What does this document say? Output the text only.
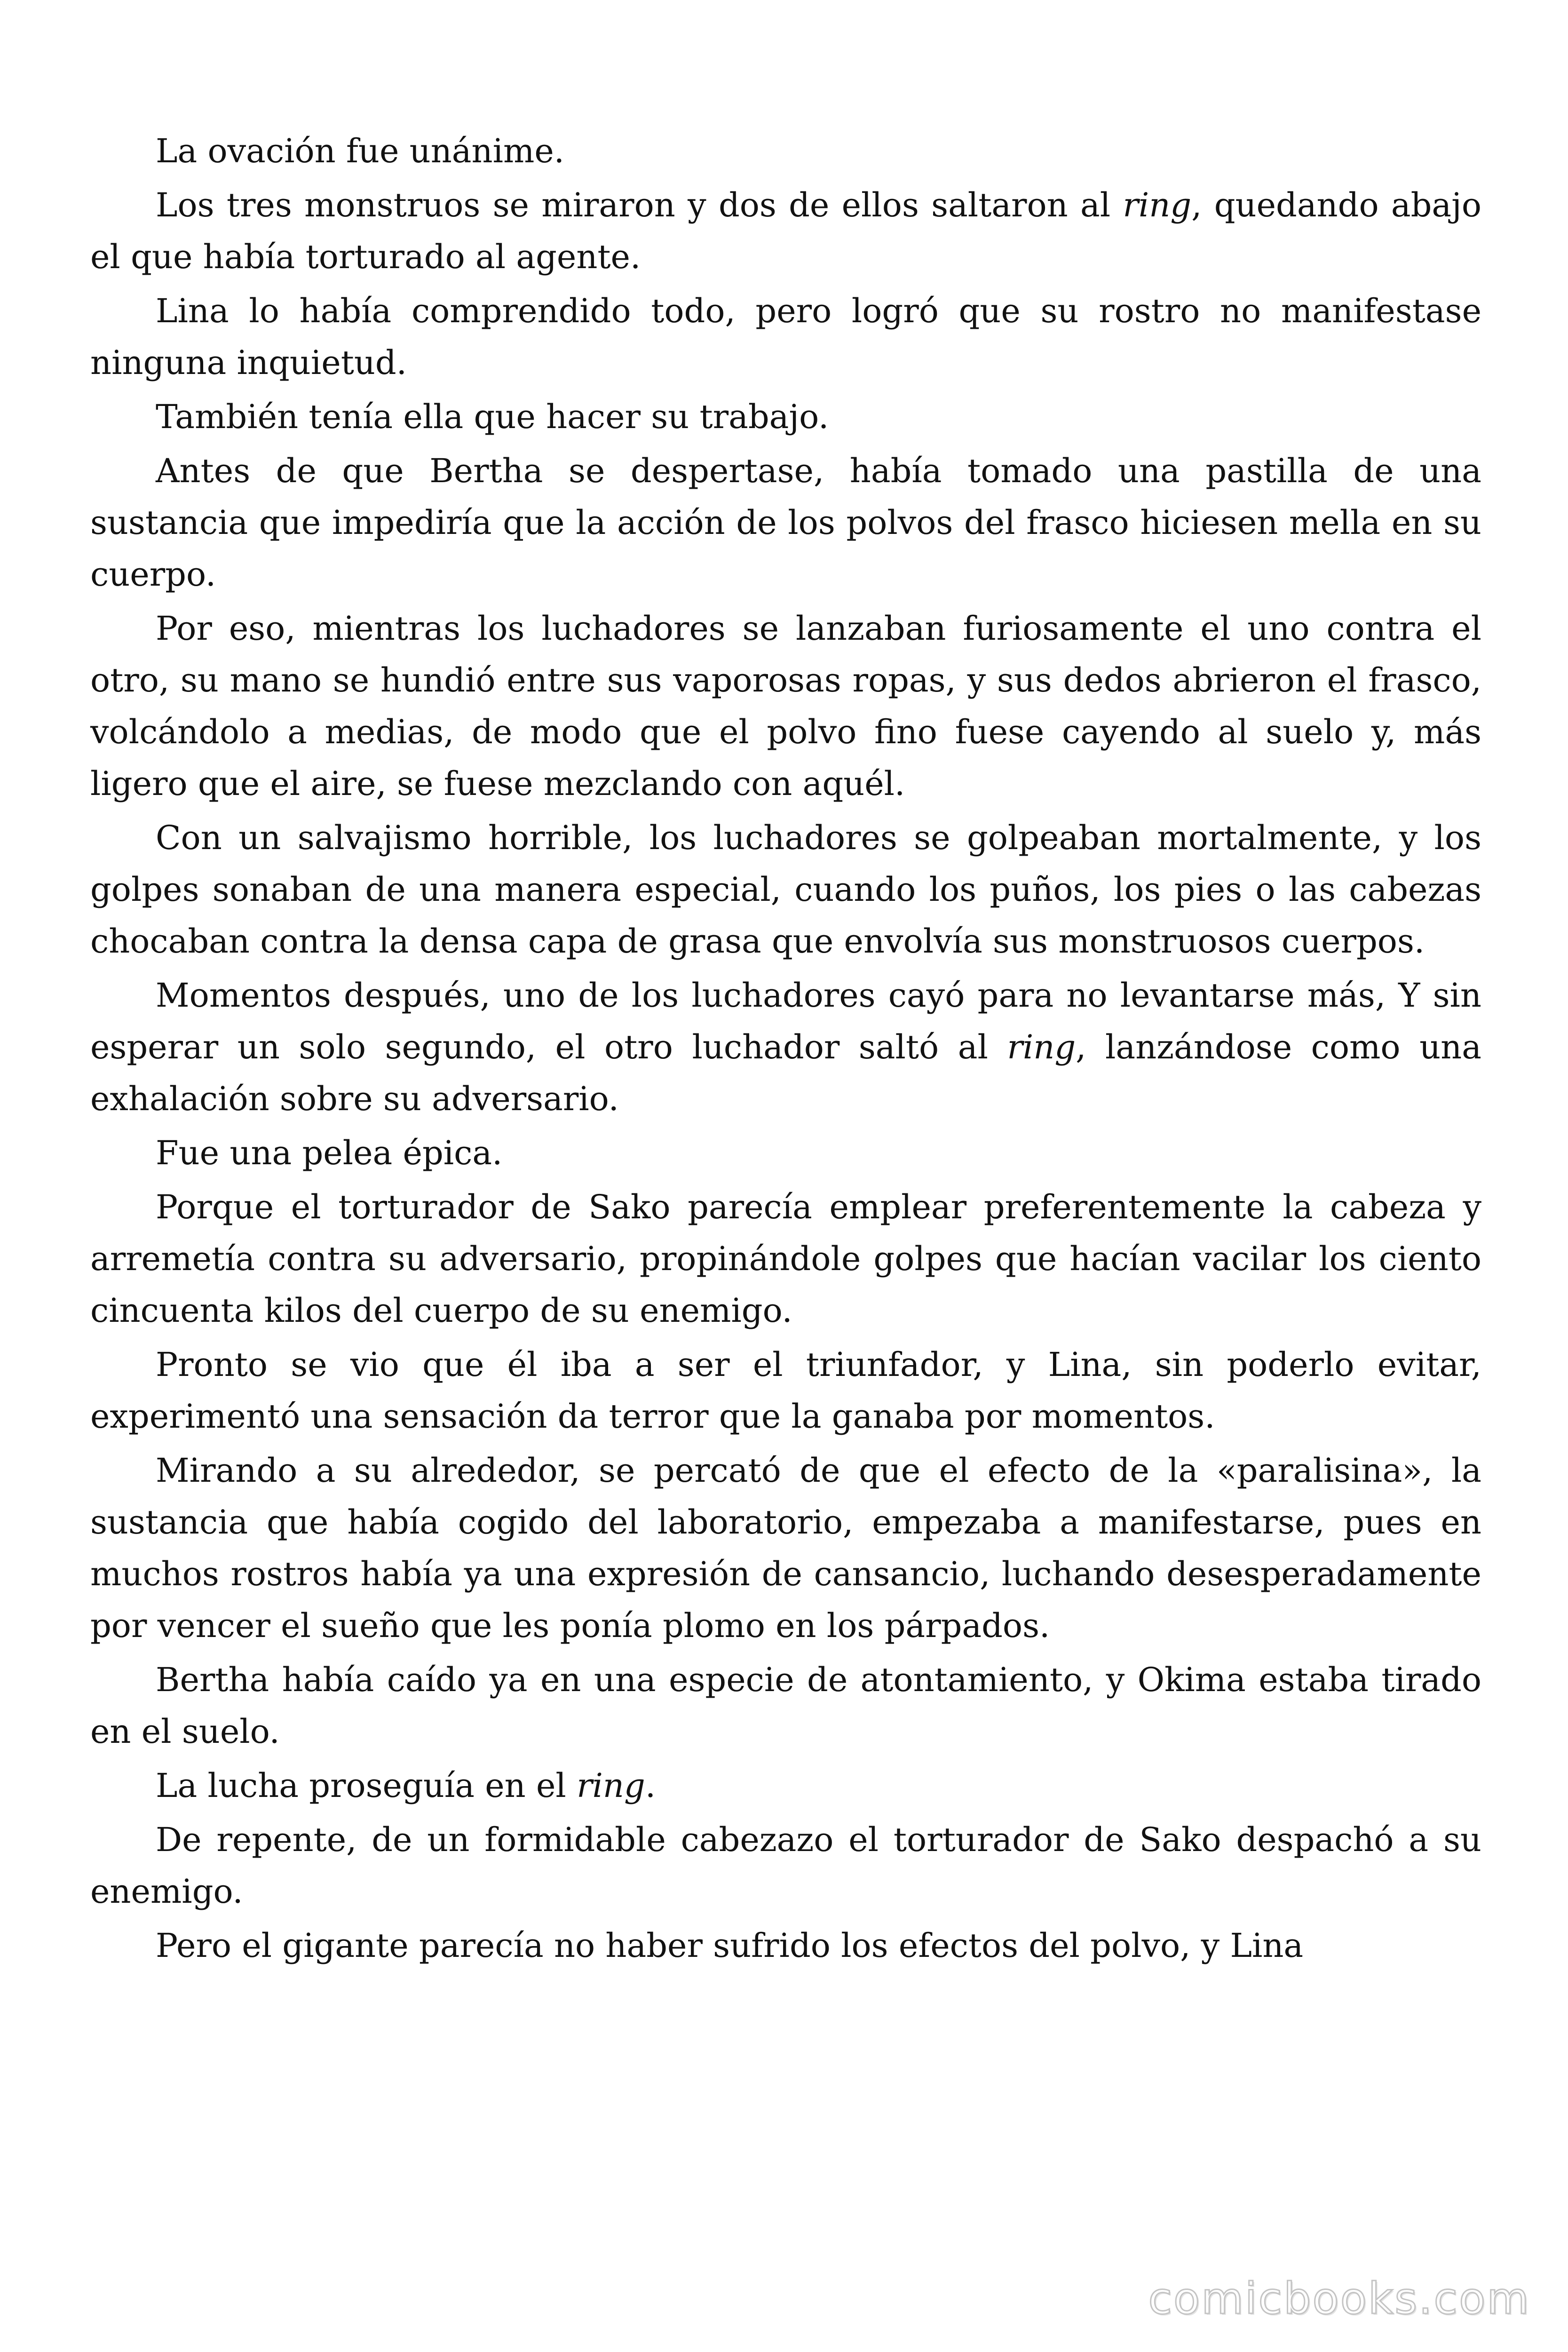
La ovación fue unánime.

Los tres monstruos se miraron y dos de ellos saltaron al ring, quedando abajo el que había torturado al agente.

Lina lo había comprendido todo, pero logró que su rostro no manifestase ninguna inquietud.

También tenía ella que hacer su trabajo.

Antes de que Bertha se despertase, había tomado una pastilla de una sustancia que impediría que la acción de los polvos del frasco hiciesen mella en su cuerpo.

Por eso, mientras los luchadores se lanzaban furiosamente el uno contra el otro, su mano se hundió entre sus vaporosas ropas, y sus dedos abrieron el frasco, volcándolo a medias, de modo que el polvo fino fuese cayendo al suelo y, más ligero que el aire, se fuese mezclando con aquél.

Con un salvajismo horrible, los luchadores se golpeaban mortalmente, y los golpes sonaban de una manera especial, cuando los puños, los pies o las cabezas chocaban contra la densa capa de grasa que envolvía sus monstruosos cuerpos.

Momentos después, uno de los luchadores cayó para no levantarse más, Y sin esperar un solo segundo, el otro luchador saltó al ring, lanzándose como una exhalación sobre su adversario.

Fue una pelea épica.

Porque el torturador de Sako parecía emplear preferentemente la cabeza y arremetía contra su adversario, propinándole golpes que hacían vacilar los ciento cincuenta kilos del cuerpo de su enemigo.

Pronto se vio que él iba a ser el triunfador, y Lina, sin poderlo evitar, experimentó una sensación da terror que la ganaba por momentos.

Mirando a su alrededor, se percató de que el efecto de la «paralisina», la sustancia que había cogido del laboratorio, empezaba a manifestarse, pues en muchos rostros había ya una expresión de cansancio, luchando desesperadamente por vencer el sueño que les ponía plomo en los párpados.

Bertha había caído ya en una especie de atontamiento, y Okima estaba tirado en el suelo.

La lucha proseguía en el ring.

De repente, de un formidable cabezazo el torturador de Sako despachó a su enemigo.

Pero el gigante parecía no haber sufrido los efectos del polvo, y Lina

comicbooks.com
